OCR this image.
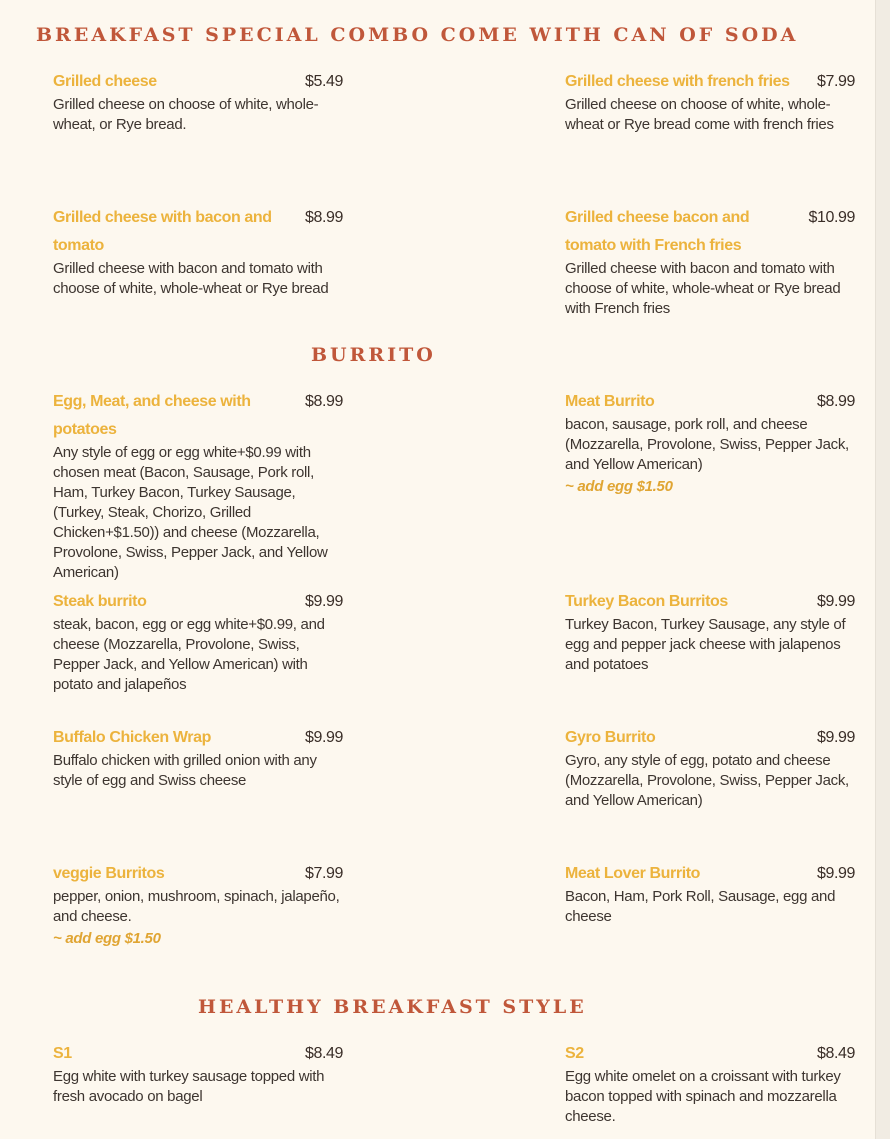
BREAKFAST SPECIAL COMBO COME WITH CAN OF SODA
Grilled cheese	$5.49
Grilled cheese on choose of white, whole-wheat, or Rye bread.
Grilled cheese with french fries	$7.99
Grilled cheese on choose of white, whole-wheat or Rye bread come with french fries
Grilled cheese with bacon and tomato
$8.99
Grilled cheese with bacon and tomato with choose of white, whole-wheat or Rye bread
Grilled cheese bacon and tomato with French fries
$10.99
Grilled cheese with bacon and tomato with choose of white, whole-wheat or Rye bread with French fries
BURRITO
Egg, Meat, and cheese with potatoes
$8.99
Any style of egg or egg white+$0.99 with chosen meat (Bacon, Sausage, Pork roll, Ham, Turkey Bacon, Turkey Sausage, (Turkey, Steak, Chorizo, Grilled Chicken+$1.50)) and cheese (Mozzarella, Provolone, Swiss, Pepper Jack, and Yellow American)
Meat Burrito	$8.99
bacon, sausage, pork roll, and cheese (Mozzarella, Provolone, Swiss, Pepper Jack, and Yellow American)
~ add egg $1.50
Steak burrito	$9.99
steak, bacon, egg or egg white+$0.99, and cheese (Mozzarella, Provolone, Swiss, Pepper Jack, and Yellow American) with potato and jalapeños
Turkey Bacon Burritos	$9.99
Turkey Bacon, Turkey Sausage, any style of egg and pepper jack cheese with jalapenos and potatoes
Buffalo Chicken Wrap	$9.99
Buffalo chicken with grilled onion with any style of egg and Swiss cheese
Gyro Burrito	$9.99
Gyro, any style of egg, potato and cheese (Mozzarella, Provolone, Swiss, Pepper Jack, and Yellow American)
veggie Burritos	$7.99
pepper, onion, mushroom, spinach, jalapeño, and cheese.
~ add egg $1.50
Meat Lover Burrito	$9.99
Bacon, Ham, Pork Roll, Sausage, egg and cheese
HEALTHY BREAKFAST STYLE
S1	$8.49
Egg white with turkey sausage topped with fresh avocado on bagel
S2	$8.49
Egg white omelet on a croissant with turkey bacon topped with spinach and mozzarella cheese.
